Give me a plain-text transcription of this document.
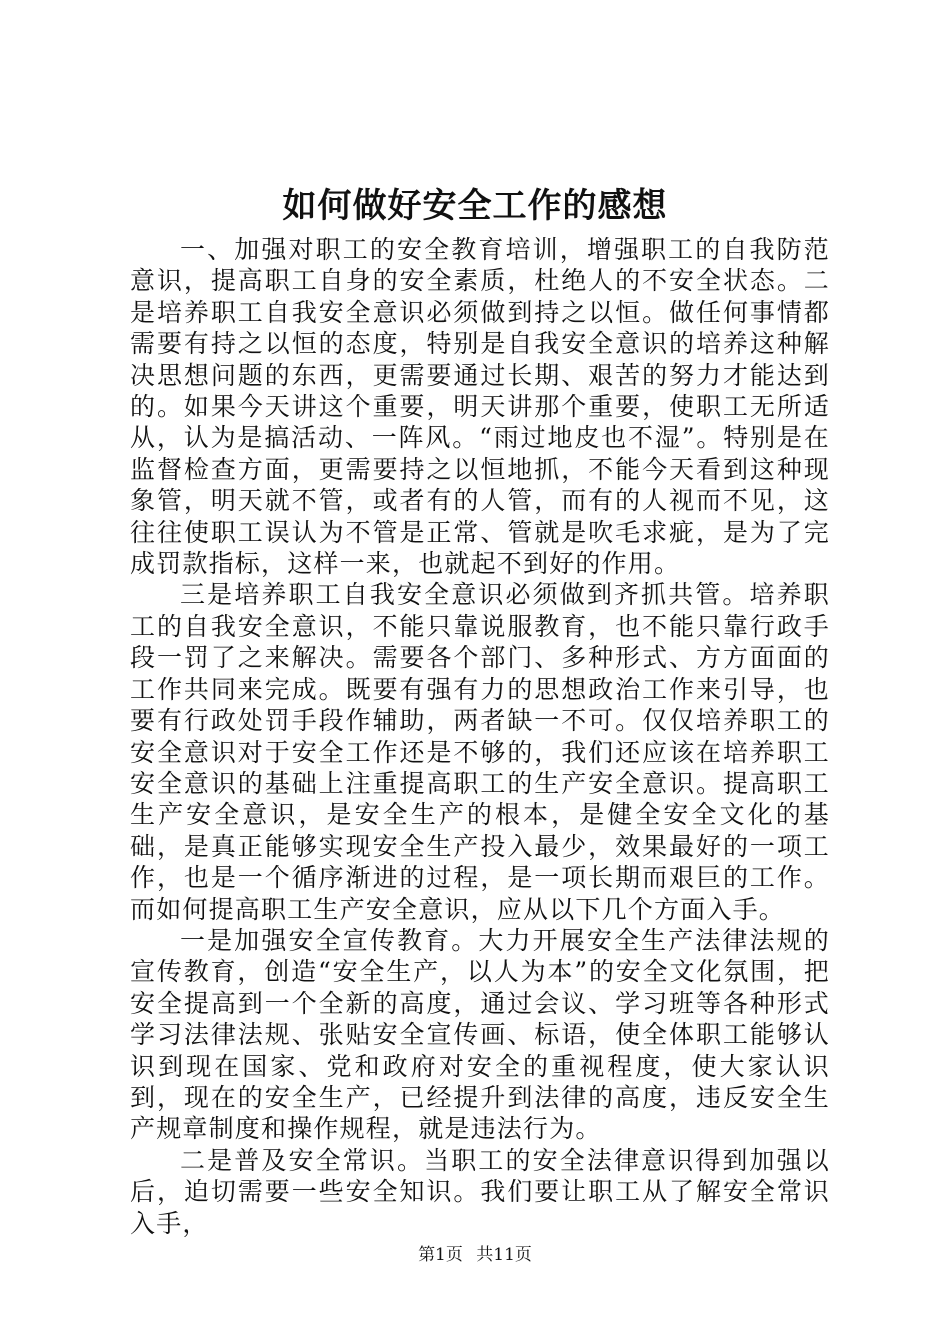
如何做好安全工作的感想

一、加强对职工的安全教育培训，增强职工的自我防范意识，提高职工自身的安全素质，杜绝人的不安全状态。二是培养职工自我安全意识必须做到持之以恒。做任何事情都需要有持之以恒的态度，特别是自我安全意识的培养这种解决思想问题的东西，更需要通过长期、艰苦的努力才能达到的。如果今天讲这个重要，明天讲那个重要，使职工无所适从，认为是搞活动、一阵风。“雨过地皮也不湿”。特别是在监督检查方面，更需要持之以恒地抓，不能今天看到这种现象管，明天就不管，或者有的人管，而有的人视而不见，这往往使职工误认为不管是正常、管就是吹毛求疵，是为了完成罚款指标，这样一来，也就起不到好的作用。

三是培养职工自我安全意识必须做到齐抓共管。培养职工的自我安全意识，不能只靠说服教育，也不能只靠行政手段一罚了之来解决。需要各个部门、多种形式、方方面面的工作共同来完成。既要有强有力的思想政治工作来引导，也要有行政处罚手段作辅助，两者缺一不可。仅仅培养职工的安全意识对于安全工作还是不够的，我们还应该在培养职工安全意识的基础上注重提高职工的生产安全意识。提高职工生产安全意识，是安全生产的根本，是健全安全文化的基础，是真正能够实现安全生产投入最少，效果最好的一项工作，也是一个循序渐进的过程，是一项长期而艰巨的工作。而如何提高职工生产安全意识，应从以下几个方面入手。

一是加强安全宣传教育。大力开展安全生产法律法规的宣传教育，创造“安全生产，以人为本”的安全文化氛围，把安全提高到一个全新的高度，通过会议、学习班等各种形式学习法律法规、张贴安全宣传画、标语，使全体职工能够认识到现在国家、党和政府对安全的重视程度，使大家认识到，现在的安全生产，已经提升到法律的高度，违反安全生产规章制度和操作规程，就是违法行为。

二是普及安全常识。当职工的安全法律意识得到加强以后，迫切需要一些安全知识。我们要让职工从了解安全常识入手，

第1页 共11页
